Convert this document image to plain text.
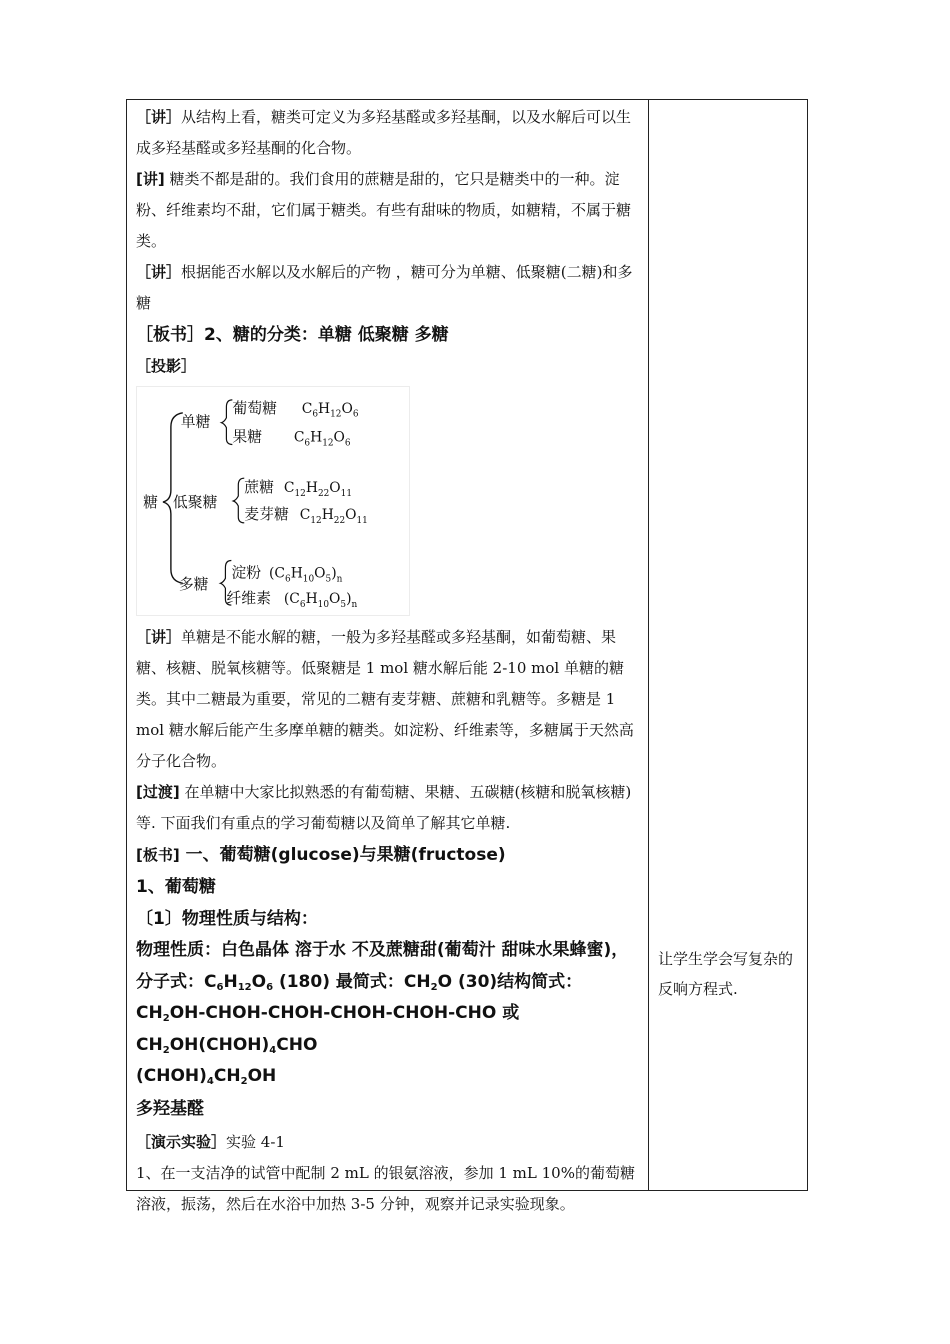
［讲］从结构上看，糖类可定义为多羟基醛或多羟基酮，以及水解后可以生成多羟基醛或多羟基酮的化合物。

[讲] 糖类不都是甜的。我们食用的蔗糖是甜的，它只是糖类中的一种。淀粉、纤维素均不甜，它们属于糖类。有些有甜味的物质，如糖精，不属于糖类。

［讲］根据能否水解以及水解后的产物 ，糖可分为单糖、低聚糖(二糖)和多糖

［板书］2、糖的分类：单糖 低聚糖 多糖

［投影］

糖
单糖
低聚糖
多糖
葡萄糖 $C_6H_{12}O_6$
果糖 $C_6H_{12}O_6$
蔗糖 $C_{12}H_{22}O_{11}$
麦芽糖 $C_{12}H_{22}O_{11}$
淀粉 $(C_6H_{10}O_5)_n$
纤维素 $(C_6H_{10}O_5)_n$

［讲］单糖是不能水解的糖，一般为多羟基醛或多羟基酮，如葡萄糖、果糖、核糖、脱氧核糖等。低聚糖是 1 mol 糖水解后能 2-10 mol 单糖的糖类。其中二糖最为重要，常见的二糖有麦芽糖、蔗糖和乳糖等。多糖是 1 mol 糖水解后能产生多摩单糖的糖类。如淀粉、纤维素等，多糖属于天然高分子化合物。

[过渡] 在单糖中大家比拟熟悉的有葡萄糖、果糖、五碳糖(核糖和脱氧核糖)等. 下面我们有重点的学习葡萄糖以及简单了解其它单糖.

[板书] 一、葡萄糖(glucose)与果糖(fructose)

1、葡萄糖

〔1〕物理性质与结构：

物理性质：白色晶体 溶于水 不及蔗糖甜(葡萄汁 甜味水果蜂蜜)，分子式：$C_6H_{12}O_6$ (180) 最简式：$CH_2O$ (30)结构简式：
$CH_2OH-CHOH-CHOH-CHOH-CHOH$-CHO 或 $CH_2OH(CHOH)_4CHO$
$(CHOH)_4CH_2OH$

多羟基醛

［演示实验］实验 4-1

1、在一支洁净的试管中配制 2 mL 的银氨溶液，参加 1 mL 10%的葡萄糖溶液，振荡，然后在水浴中加热 3-5 分钟，观察并记录实验现象。

让学生学会写复杂的反响方程式.
